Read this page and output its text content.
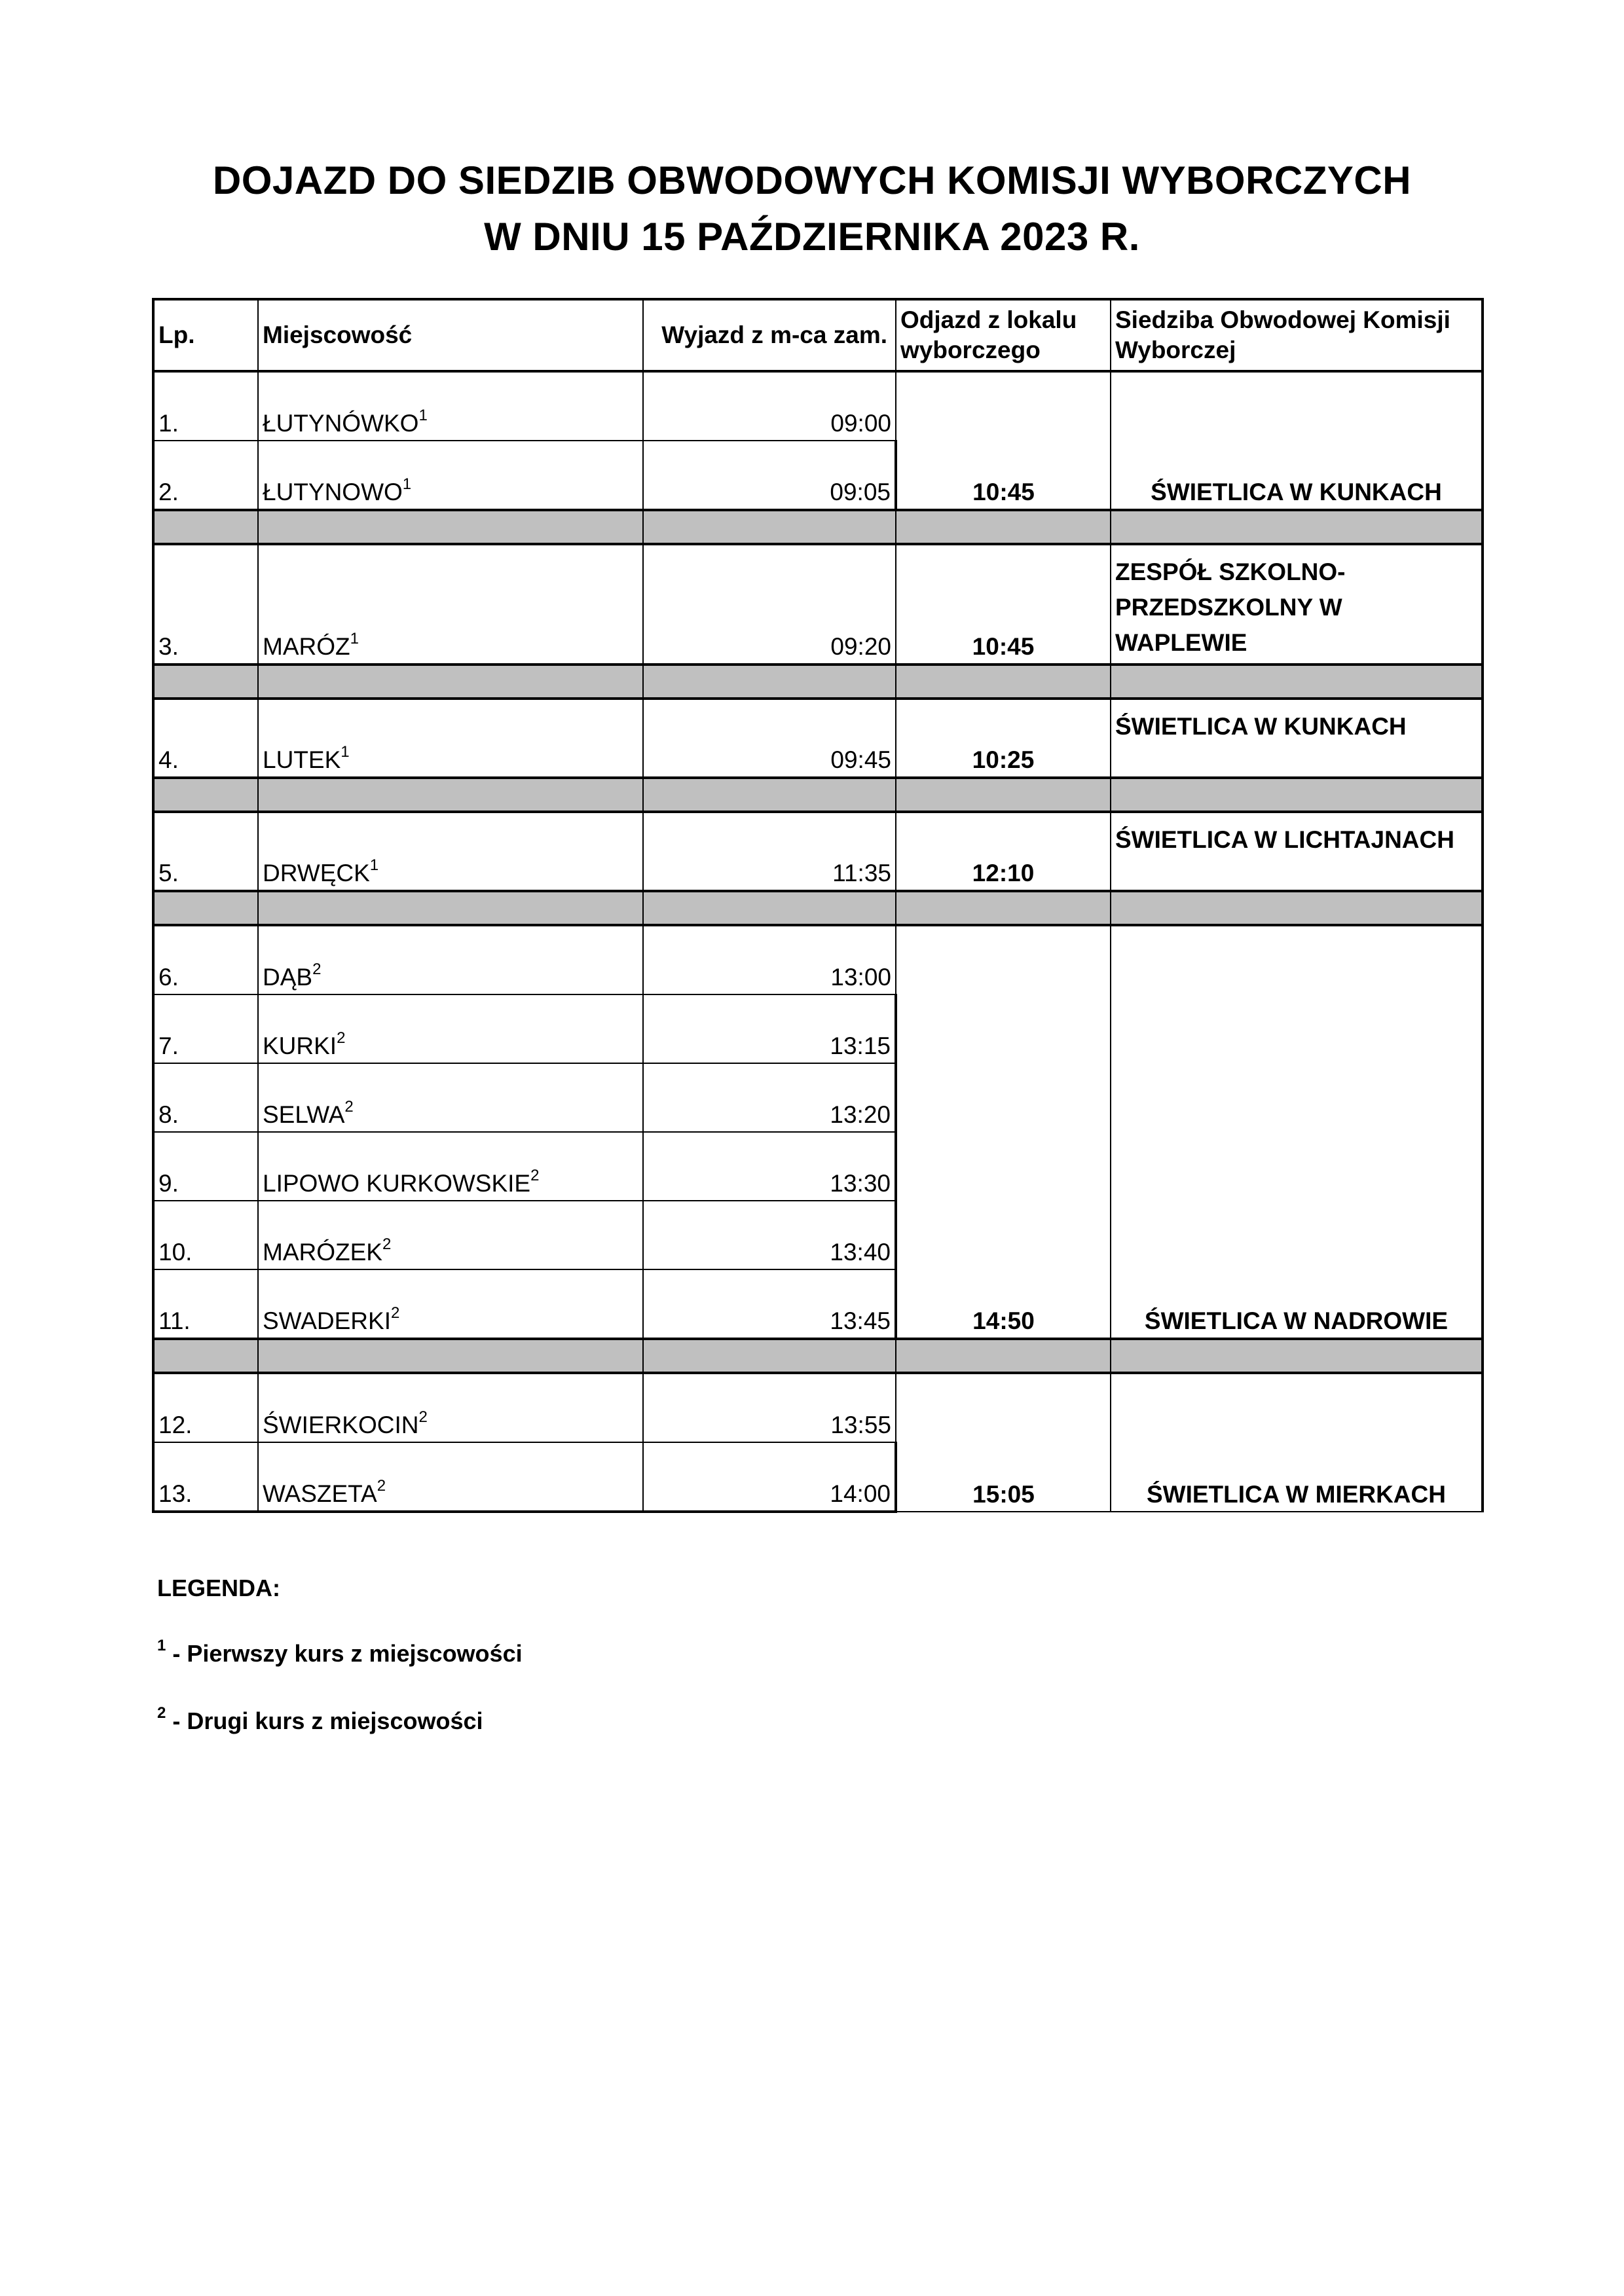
DOJAZD DO SIEDZIB OBWODOWYCH KOMISJI WYBORCZYCH
W DNIU 15 PAŹDZIERNIKA 2023 R.
Lp.	Miejscowość	Wyjazd z m-ca zam.	Odjazd z lokalu wyborczego	Siedziba Obwodowej Komisji Wyborczej
1.	ŁUTYNÓWKO$^1$	09:00	10:45	ŚWIETLICA W KUNKACH
2.	ŁUTYNOWO$^1$	09:05		

3.	MARÓZ$^1$	09:20	10:45	ZESPÓŁ SZKOLNO-PRZEDSZKOLNY W WAPLEWIE

4.	LUTEK$^1$	09:45	10:25	ŚWIETLICA W KUNKACH

5.	DRWĘCK$^1$	11:35	12:10	ŚWIETLICA W LICHTAJNACH

6.	DĄB$^2$	13:00	14:50	ŚWIETLICA W NADROWIE
7.	KURKI$^2$	13:15		
8.	SELWA$^2$	13:20		
9.	LIPOWO KURKOWSKIE$^2$	13:30		
10.	MARÓZEK$^2$	13:40		
11.	SWADERKI$^2$	13:45		

12.	ŚWIERKOCIN$^2$	13:55	15:05	ŚWIETLICA W MIERKACH
13.	WASZETA$^2$	14:00		
LEGENDA:
$^1$ - Pierwszy kurs z miejscowości
$^2$ - Drugi kurs z miejscowości
